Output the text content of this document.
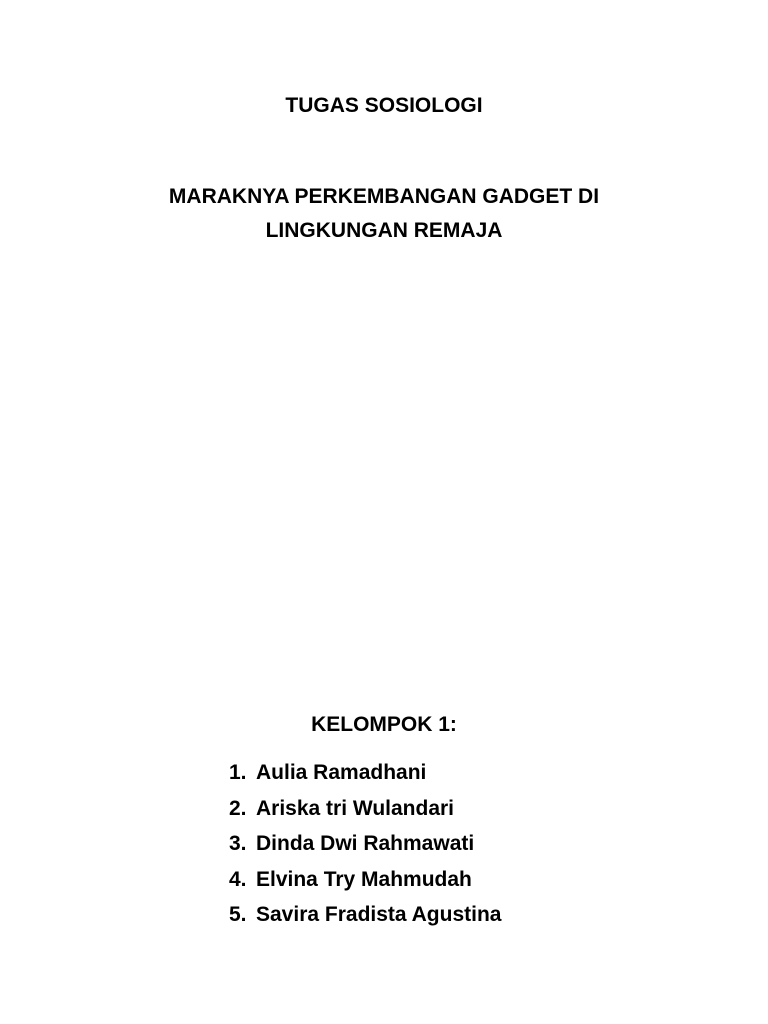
TUGAS SOSIOLOGI
MARAKNYA PERKEMBANGAN GADGET DI
LINGKUNGAN REMAJA
KELOMPOK 1:
1. Aulia Ramadhani
2. Ariska tri Wulandari
3. Dinda Dwi Rahmawati
4. Elvina Try Mahmudah
5. Savira Fradista Agustina
